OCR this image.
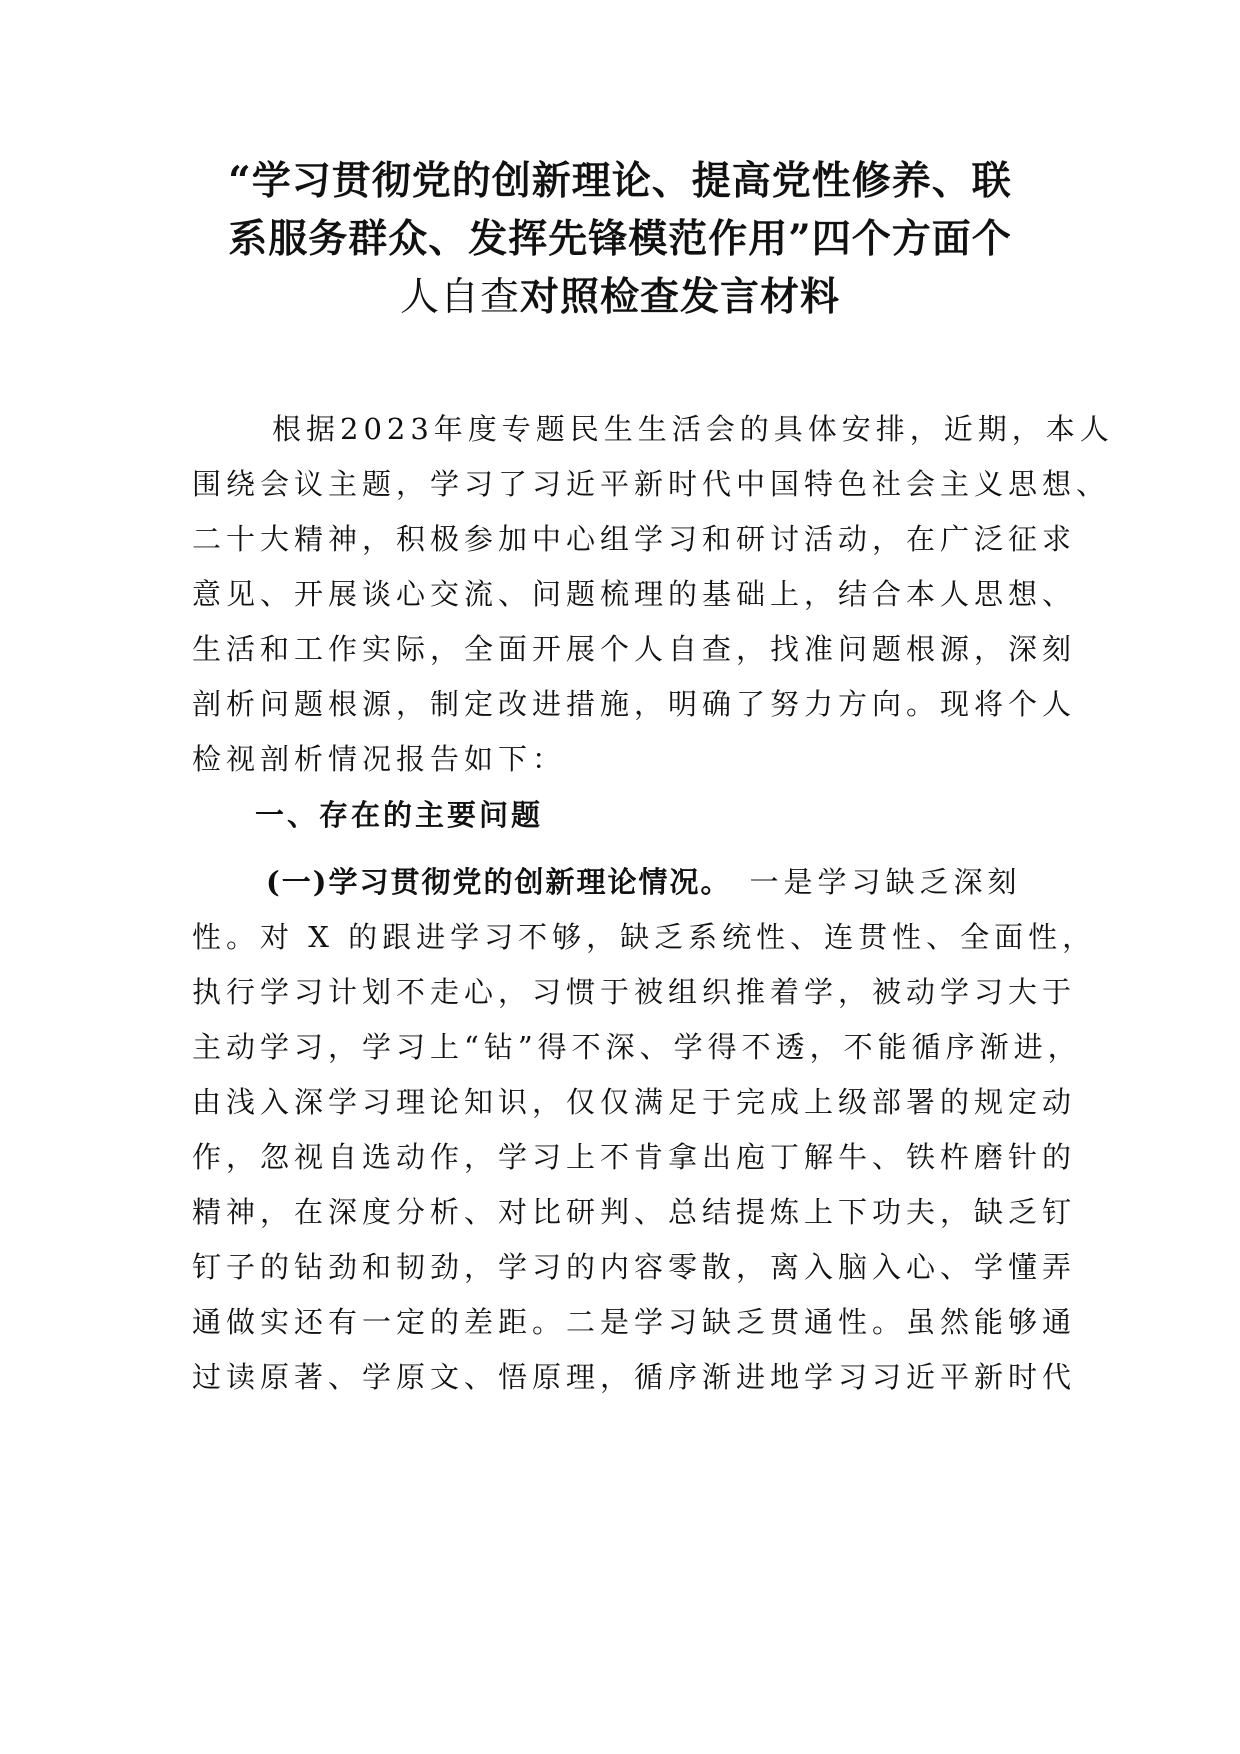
“学习贯彻党的创新理论、提高党性修养、联
系服务群众、发挥先锋模范作用”四个方面个
人自查对照检查发言材料

根据2023年度专题民生生活会的具体安排，近期，本人
围绕会议主题，学习了习近平新时代中国特色社会主义思想、
二十大精神，积极参加中心组学习和研讨活动，在广泛征求
意见、开展谈心交流、问题梳理的基础上，结合本人思想、
生活和工作实际，全面开展个人自查，找准问题根源，深刻
剖析问题根源，制定改进措施，明确了努力方向。现将个人
检视剖析情况报告如下：

一、存在的主要问题

(一)学习贯彻党的创新理论情况。 一是学习缺乏深刻
性。对 X 的跟进学习不够，缺乏系统性、连贯性、全面性，
执行学习计划不走心，习惯于被组织推着学，被动学习大于
主动学习，学习上“钻”得不深、学得不透，不能循序渐进，
由浅入深学习理论知识，仅仅满足于完成上级部署的规定动
作，忽视自选动作，学习上不肯拿出庖丁解牛、铁杵磨针的
精神，在深度分析、对比研判、总结提炼上下功夫，缺乏钉
钉子的钻劲和韧劲，学习的内容零散，离入脑入心、学懂弄
通做实还有一定的差距。二是学习缺乏贯通性。虽然能够通
过读原著、学原文、悟原理，循序渐进地学习习近平新时代
